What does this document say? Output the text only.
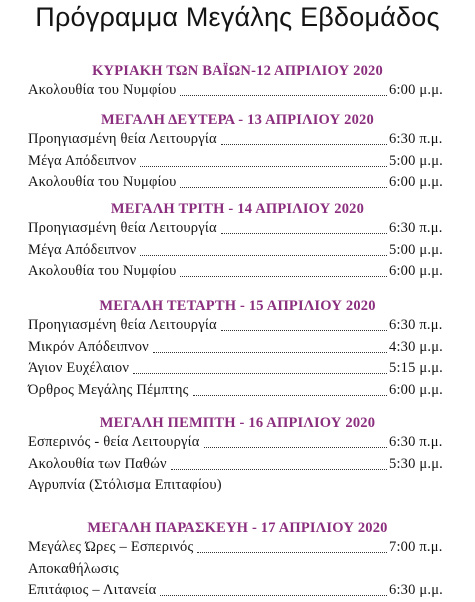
Πρόγραμμα Μεγάλης Εβδομάδος
ΚΥΡΙΑΚΗ ΤΩΝ ΒΑΪΩΝ-12 ΑΠΡΙΛΙΟΥ 2020
Ακολουθία του Νυμφίου	6:00 μ.μ.
ΜΕΓΑΛΗ ΔΕΥΤΕΡΑ - 13 ΑΠΡΙΛΙΟΥ 2020
Προηγιασμένη θεία Λειτουργία	6:30 π.μ.
Μέγα Απόδειπνον	5:00 μ.μ.
Ακολουθία του Νυμφίου	6:00 μ.μ.
ΜΕΓΑΛΗ ΤΡΙΤΗ - 14 ΑΠΡΙΛΙΟΥ 2020
Προηγιασμένη θεία Λειτουργία	6:30 π.μ.
Μέγα Απόδειπνον	5:00 μ.μ.
Ακολουθία του Νυμφίου	6:00 μ.μ.
ΜΕΓΑΛΗ ΤΕΤΑΡΤΗ - 15 ΑΠΡΙΛΙΟΥ 2020
Προηγιασμένη θεία Λειτουργία	6:30 π.μ.
Μικρόν Απόδειπνον	4:30 μ.μ.
Άγιον Ευχέλαιον	5:15 μ.μ.
Όρθρος Μεγάλης Πέμπτης	6:00 μ.μ.
ΜΕΓΑΛΗ ΠΕΜΠΤΗ - 16 ΑΠΡΙΛΙΟΥ 2020
Εσπερινός - θεία Λειτουργία	6:30 π.μ.
Ακολουθία των Παθών	5:30 μ.μ.
Αγρυπνία (Στόλισμα Επιταφίου)
ΜΕΓΑΛΗ ΠΑΡΑΣΚΕΥΗ - 17 ΑΠΡΙΛΙΟΥ 2020
Μεγάλες Ώρες – Εσπερινός	7:00 π.μ.
Αποκαθήλωσις
Επιτάφιος – Λιτανεία	6:30 μ.μ.
